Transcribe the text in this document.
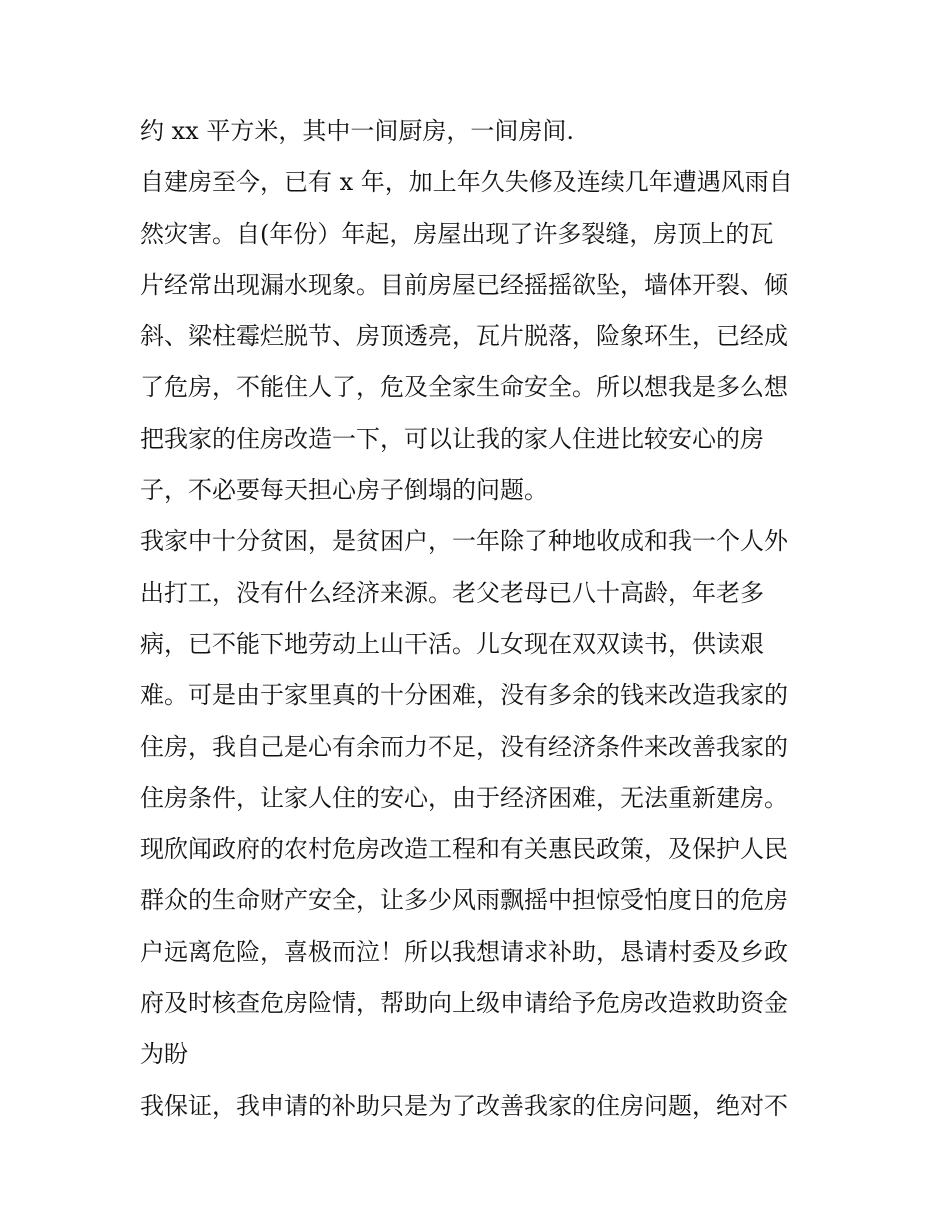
约 xx 平方米，其中一间厨房，一间房间.
自建房至今，已有 x 年，加上年久失修及连续几年遭遇风雨自
然灾害。自(年份）年起，房屋出现了许多裂缝，房顶上的瓦
片经常出现漏水现象。目前房屋已经摇摇欲坠，墙体开裂、倾
斜、梁柱霉烂脱节、房顶透亮，瓦片脱落，险象环生，已经成
了危房，不能住人了，危及全家生命安全。所以想我是多么想
把我家的住房改造一下，可以让我的家人住进比较安心的房
子，不必要每天担心房子倒塌的问题。
我家中十分贫困，是贫困户，一年除了种地收成和我一个人外
出打工，没有什么经济来源。老父老母已八十高龄，年老多
病，已不能下地劳动上山干活。儿女现在双双读书，供读艰
难。可是由于家里真的十分困难，没有多余的钱来改造我家的
住房，我自己是心有余而力不足，没有经济条件来改善我家的
住房条件，让家人住的安心，由于经济困难，无法重新建房。
现欣闻政府的农村危房改造工程和有关惠民政策，及保护人民
群众的生命财产安全，让多少风雨飘摇中担惊受怕度日的危房
户远离危险，喜极而泣！所以我想请求补助，恳请村委及乡政
府及时核查危房险情，帮助向上级申请给予危房改造救助资金
为盼
我保证，我申请的补助只是为了改善我家的住房问题，绝对不
